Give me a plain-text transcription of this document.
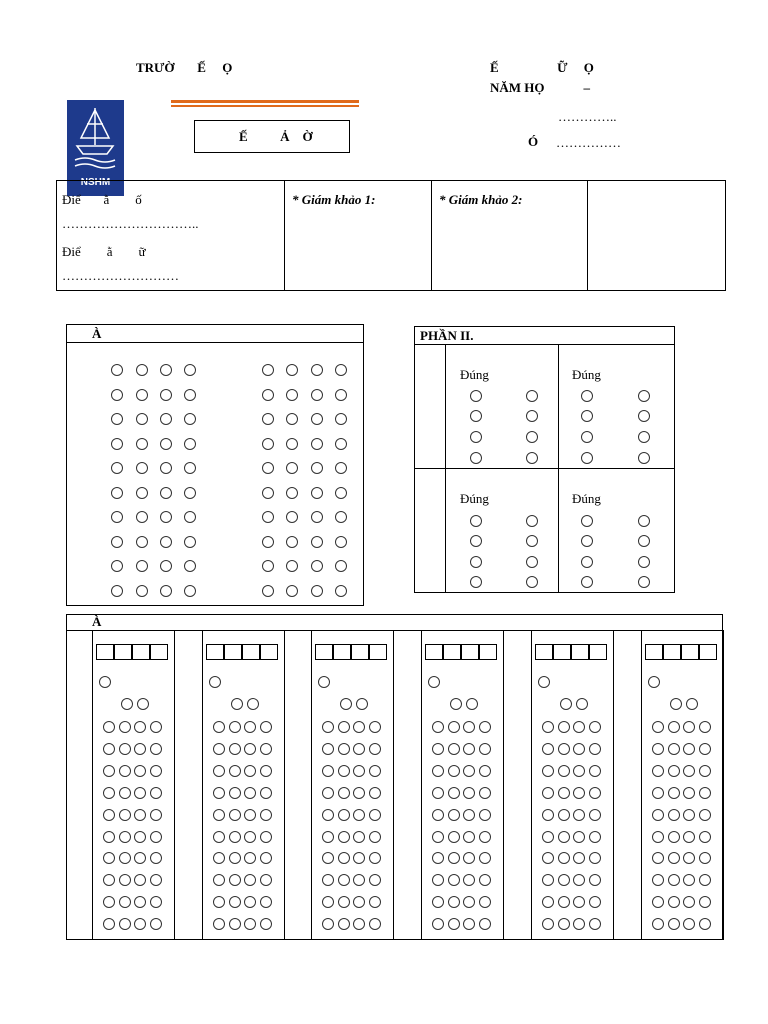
TRƯỜ       Ế     Ọ	Ế                  Ữ     Ọ
NĂM HỌ            –
NSHM
Ế          Ả    Ờ
…………..
Ó ……………
Điể       ằ        ố
…………………………..
Điể        ằ        ữ
………………………
* Giám khảo 1:	* Giám khảo 2:
À	PHẦN II.
Đúng	Đúng
Đúng	Đúng
À
